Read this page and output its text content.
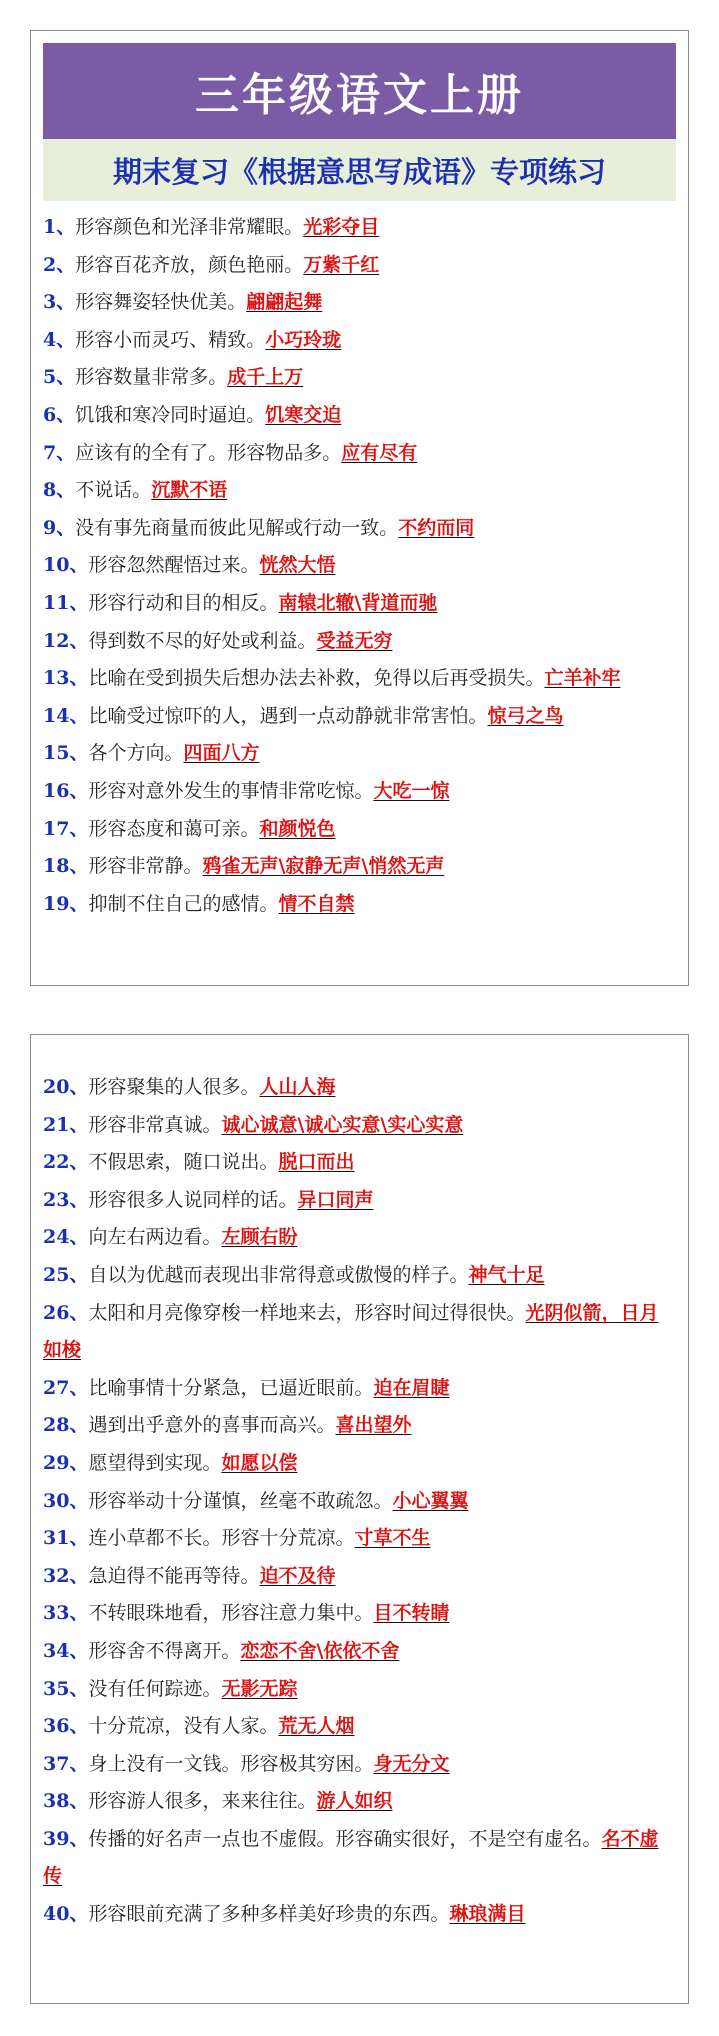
三年级语文上册
期末复习《根据意思写成语》专项练习
1、形容颜色和光泽非常耀眼。光彩夺目
2、形容百花齐放，颜色艳丽。万紫千红
3、形容舞姿轻快优美。翩翩起舞
4、形容小而灵巧、精致。小巧玲珑
5、形容数量非常多。成千上万
6、饥饿和寒冷同时逼迫。饥寒交迫
7、应该有的全有了。形容物品多。应有尽有
8、不说话。沉默不语
9、没有事先商量而彼此见解或行动一致。不约而同
10、形容忽然醒悟过来。恍然大悟
11、形容行动和目的相反。南辕北辙\背道而驰
12、得到数不尽的好处或利益。受益无穷
13、比喻在受到损失后想办法去补救，免得以后再受损失。亡羊补牢
14、比喻受过惊吓的人，遇到一点动静就非常害怕。惊弓之鸟
15、各个方向。四面八方
16、形容对意外发生的事情非常吃惊。大吃一惊
17、形容态度和蔼可亲。和颜悦色
18、形容非常静。鸦雀无声\寂静无声\悄然无声
19、抑制不住自己的感情。情不自禁
20、形容聚集的人很多。人山人海
21、形容非常真诚。诚心诚意\诚心实意\实心实意
22、不假思索，随口说出。脱口而出
23、形容很多人说同样的话。异口同声
24、向左右两边看。左顾右盼
25、自以为优越而表现出非常得意或傲慢的样子。神气十足
26、太阳和月亮像穿梭一样地来去，形容时间过得很快。光阴似箭，日月如梭
27、比喻事情十分紧急，已逼近眼前。迫在眉睫
28、遇到出乎意外的喜事而高兴。喜出望外
29、愿望得到实现。如愿以偿
30、形容举动十分谨慎，丝毫不敢疏忽。小心翼翼
31、连小草都不长。形容十分荒凉。寸草不生
32、急迫得不能再等待。迫不及待
33、不转眼珠地看，形容注意力集中。目不转睛
34、形容舍不得离开。恋恋不舍\依依不舍
35、没有任何踪迹。无影无踪
36、十分荒凉，没有人家。荒无人烟
37、身上没有一文钱。形容极其穷困。身无分文
38、形容游人很多，来来往往。游人如织
39、传播的好名声一点也不虚假。形容确实很好，不是空有虚名。名不虚传
40、形容眼前充满了多种多样美好珍贵的东西。琳琅满目
